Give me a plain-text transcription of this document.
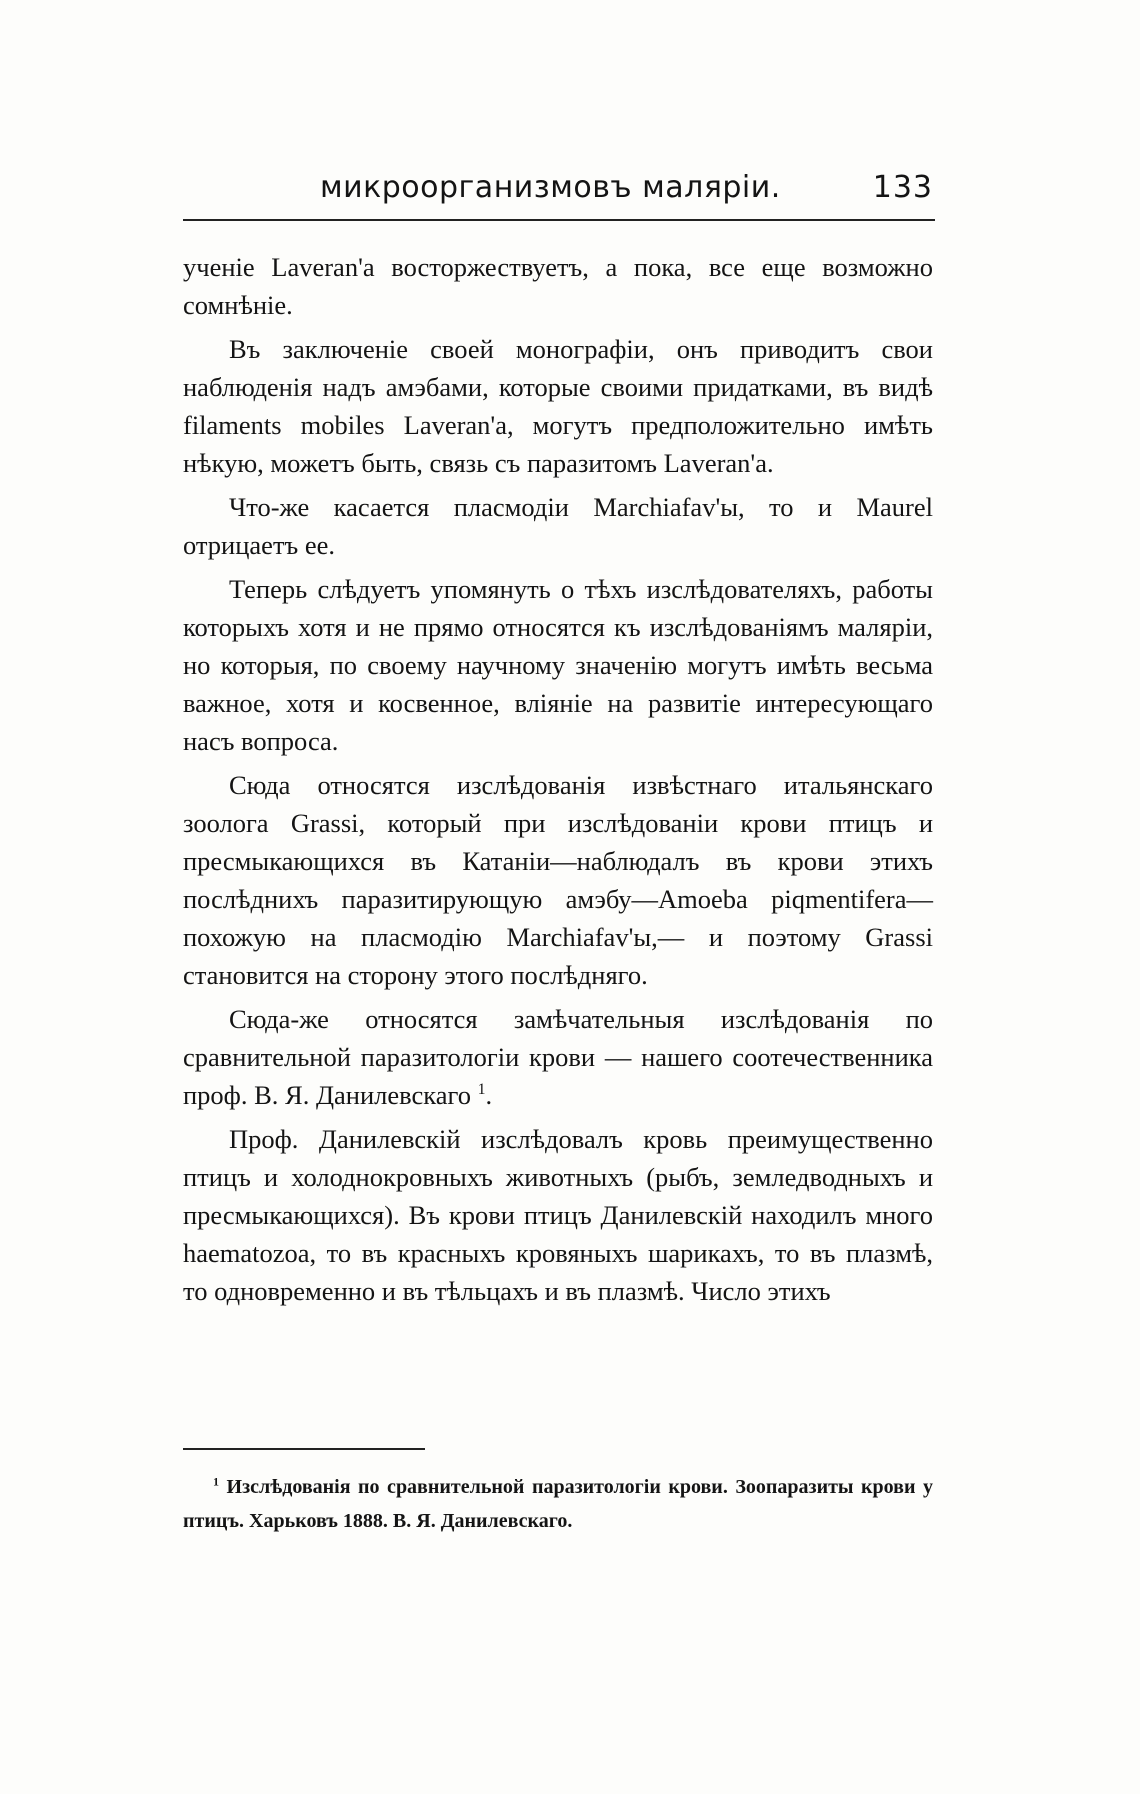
микроорганизмовъ маляріи.	133

ученіе Laveran'a восторжествуетъ, а пока, все еще возможно сомнѣніе.

Въ заключеніе своей монографіи, онъ приводитъ свои наблюденія надъ амэбами, которые своими придатками, въ видѣ filaments mobiles Laveran'a, могутъ предположительно имѣть нѣкую, можетъ быть, связь съ паразитомъ Laveran'a.

Что-же касается пласмодіи Marchiafav'ы, то и Maurel отрицаетъ ее.

Теперь слѣдуетъ упомянуть о тѣхъ изслѣдователяхъ, работы которыхъ хотя и не прямо относятся къ изслѣдованіямъ маляріи, но которыя, по своему научному значенію могутъ имѣть весьма важное, хотя и косвенное, вліяніе на развитіе интересующаго насъ вопроса.

Сюда относятся изслѣдованія извѣстнаго итальянскаго зоолога Grassi, который при изслѣдованіи крови птицъ и пресмыкающихся въ Катаніи—наблюдалъ въ крови этихъ послѣднихъ паразитирующую амэбу—Amoeba piqmentifera—похожую на пласмодію Marchiafav'ы,— и поэтому Grassi становится на сторону этого послѣдняго.

Сюда-же относятся замѣчательныя изслѣдованія по сравнительной паразитологіи крови — нашего соотечественника проф. В. Я. Данилевскаго $^1$.

Проф. Данилевскій изслѣдовалъ кровь преимущественно птицъ и холоднокровныхъ животныхъ (рыбъ, земледводныхъ и пресмыкающихся). Въ крови птицъ Данилевскій находилъ много haematozoa, то въ красныхъ кровяныхъ шарикахъ, то въ плазмѣ, то одновременно и въ тѣльцахъ и въ плазмѣ. Число этихъ

$^1$ Изслѣдованія по сравнительной паразитологіи крови. Зоопаразиты крови у птицъ. Харьковъ 1888. В. Я. Данилевскаго.
